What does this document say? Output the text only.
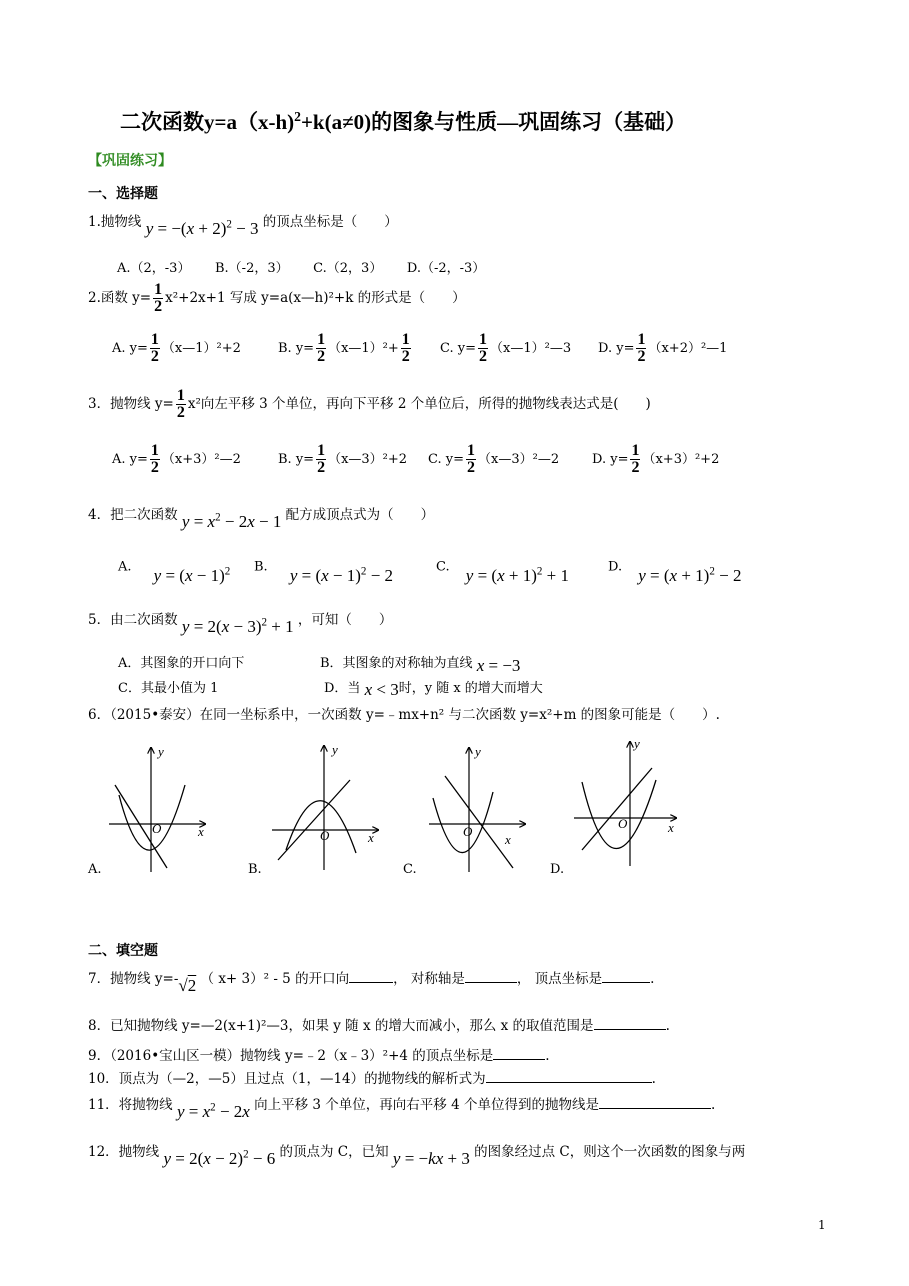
二次函数y=a（x-h)$^2$+k(a≠0)的图象与性质—巩固练习（基础）
【巩固练习】
一、选择题
1.抛物线 $y = -(x + 2)^2 - 3$ 的顶点坐标是（　　）
A.（2，-3） B.（-2，3） C.（2，3） D.（-2，-3）
2.函数 $y= \frac{1}{2} x^2+2x+1$ 写成 y=a(x—h)²+k 的形式是（　　）
A. $y= \frac{1}{2}$ （x—1）²+2	B. $y= \frac{1}{2}$ （x—1）²+ $\frac{1}{2} C$. $y= \frac{1}{2}$ （x—1）²—3 D. $y= \frac{1}{2}$ （x+2）²—1
3．抛物线 $y= \frac{1}{2} x^2$向左平移 3 个单位，再向下平移 2 个单位后，所得的抛物线表达式是(　　)
A. $y= \frac{1}{2}$ （x+3）²—2	B. $y= \frac{1}{2}$ （x—3）²+2 C. $y= \frac{1}{2}$ （x—3）²—2	D. $y= \frac{1}{2} (x+3)^2+2$
4．把二次函数 $y = x^2 - 2x - 1$ 配方成顶点式为（　　）
A. $y = (x - 1)^2$ B. $y = (x - 1)^2 - 2$	C. $y = (x + 1)^2 + 1$	D. $y = (x + 1)^2 - 2$
5．由二次函数 $y = 2(x - 3)^2 + 1$ ，可知（　　）
A．其图象的开口向下	B．其图象的对称轴为直线 x = −3
C．其最小值为 1	D．当 x < 3时，y 随 x 的增大而增大
6．（2015•泰安）在同一坐标系中，一次函数 y=﹣mx+n² 与二次函数 y=x²+m 的图象可能是（　　）.
y
x
O
A.
y
x
O
B.
y
x
O
C.
y
x
O
D.
二、填空题
7．抛物线 y=-√2 （ x+ 3）² - 5 的开口向	， 对称轴是	， 顶点坐标是	.
8．已知抛物线 y=—2(x+1)²—3，如果 y 随 x 的增大而减小，那么 x 的取值范围是	.
9．（2016•宝山区一模）抛物线 y=﹣2（x﹣3）²+4 的顶点坐标是	.
10．顶点为（—2，—5）且过点（1，—14）的抛物线的解析式为	.
11．将抛物线 $y = x^2 - 2x$ 向上平移 3 个单位，再向右平移 4 个单位得到的抛物线是	.
12．抛物线 $y = 2(x - 2)^2 - 6$ 的顶点为 C，已知 y = −kx + 3 的图象经过点 C，则这个一次函数的图象与两
1
